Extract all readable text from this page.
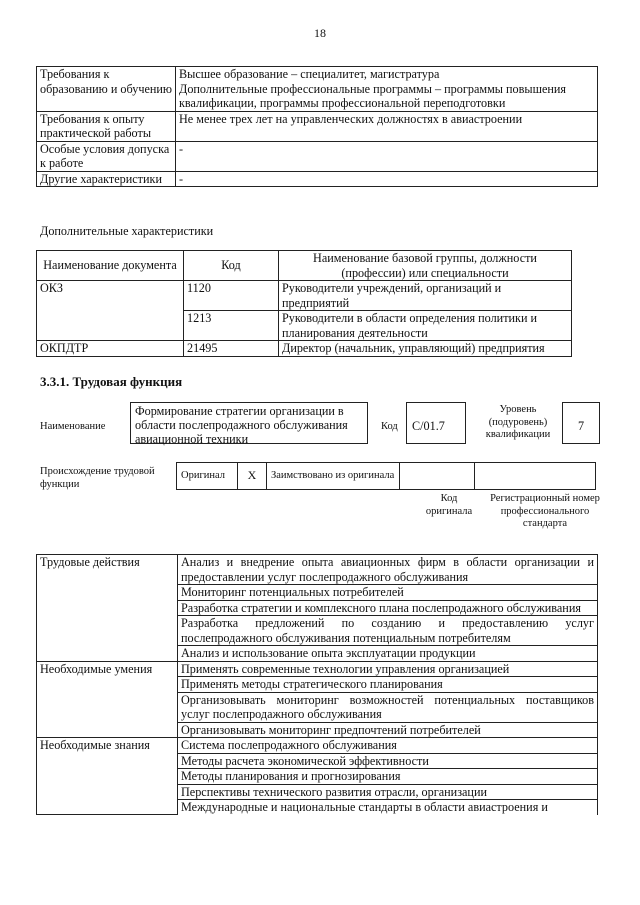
18
Требования к образованию и обучению	Высшее образование – специалитет, магистратура
Дополнительные профессиональные программы – программы повышения квалификации, программы профессиональной переподготовки
Требования к опыту практической работы	Не менее трех лет на управленческих должностях в авиастроении
Особые условия допуска к работе	-
Другие характеристики	-
Дополнительные характеристики
Наименование документа	Код	Наименование базовой группы, должности (профессии) или специальности
ОКЗ	1120	Руководители учреждений, организаций и предприятий
	1213	Руководители в области определения политики и планирования деятельности
ОКПДТР	21495	Директор (начальник, управляющий) предприятия
3.3.1. Трудовая функция
Наименование
Формирование стратегии организации в области послепродажного обслуживания авиационной техники
Код	C/01.7
Уровень (подуровень) квалификации
7
Происхождение трудовой функции
Оригинал	X	Заимствовано из оригинала		
Код оригинала
Регистрационный номер профессионального стандарта
Трудовые действия	Анализ и внедрение опыта авиационных фирм в области организации и предоставлении услуг послепродажного обслуживания
	Мониторинг потенциальных потребителей
	Разработка стратегии и комплексного плана послепродажного обслуживания
	Разработка предложений по созданию и предоставлению услуг послепродажного обслуживания потенциальным потребителям
	Анализ и использование опыта эксплуатации продукции
Необходимые умения	Применять современные технологии управления организацией
	Применять методы стратегического планирования
	Организовывать мониторинг возможностей потенциальных поставщиков услуг послепродажного обслуживания
	Организовывать мониторинг предпочтений потребителей
Необходимые знания	Система послепродажного обслуживания
	Методы расчета экономической эффективности
	Методы планирования и прогнозирования
	Перспективы технического развития отрасли, организации
	Международные и национальные стандарты в области авиастроения и
